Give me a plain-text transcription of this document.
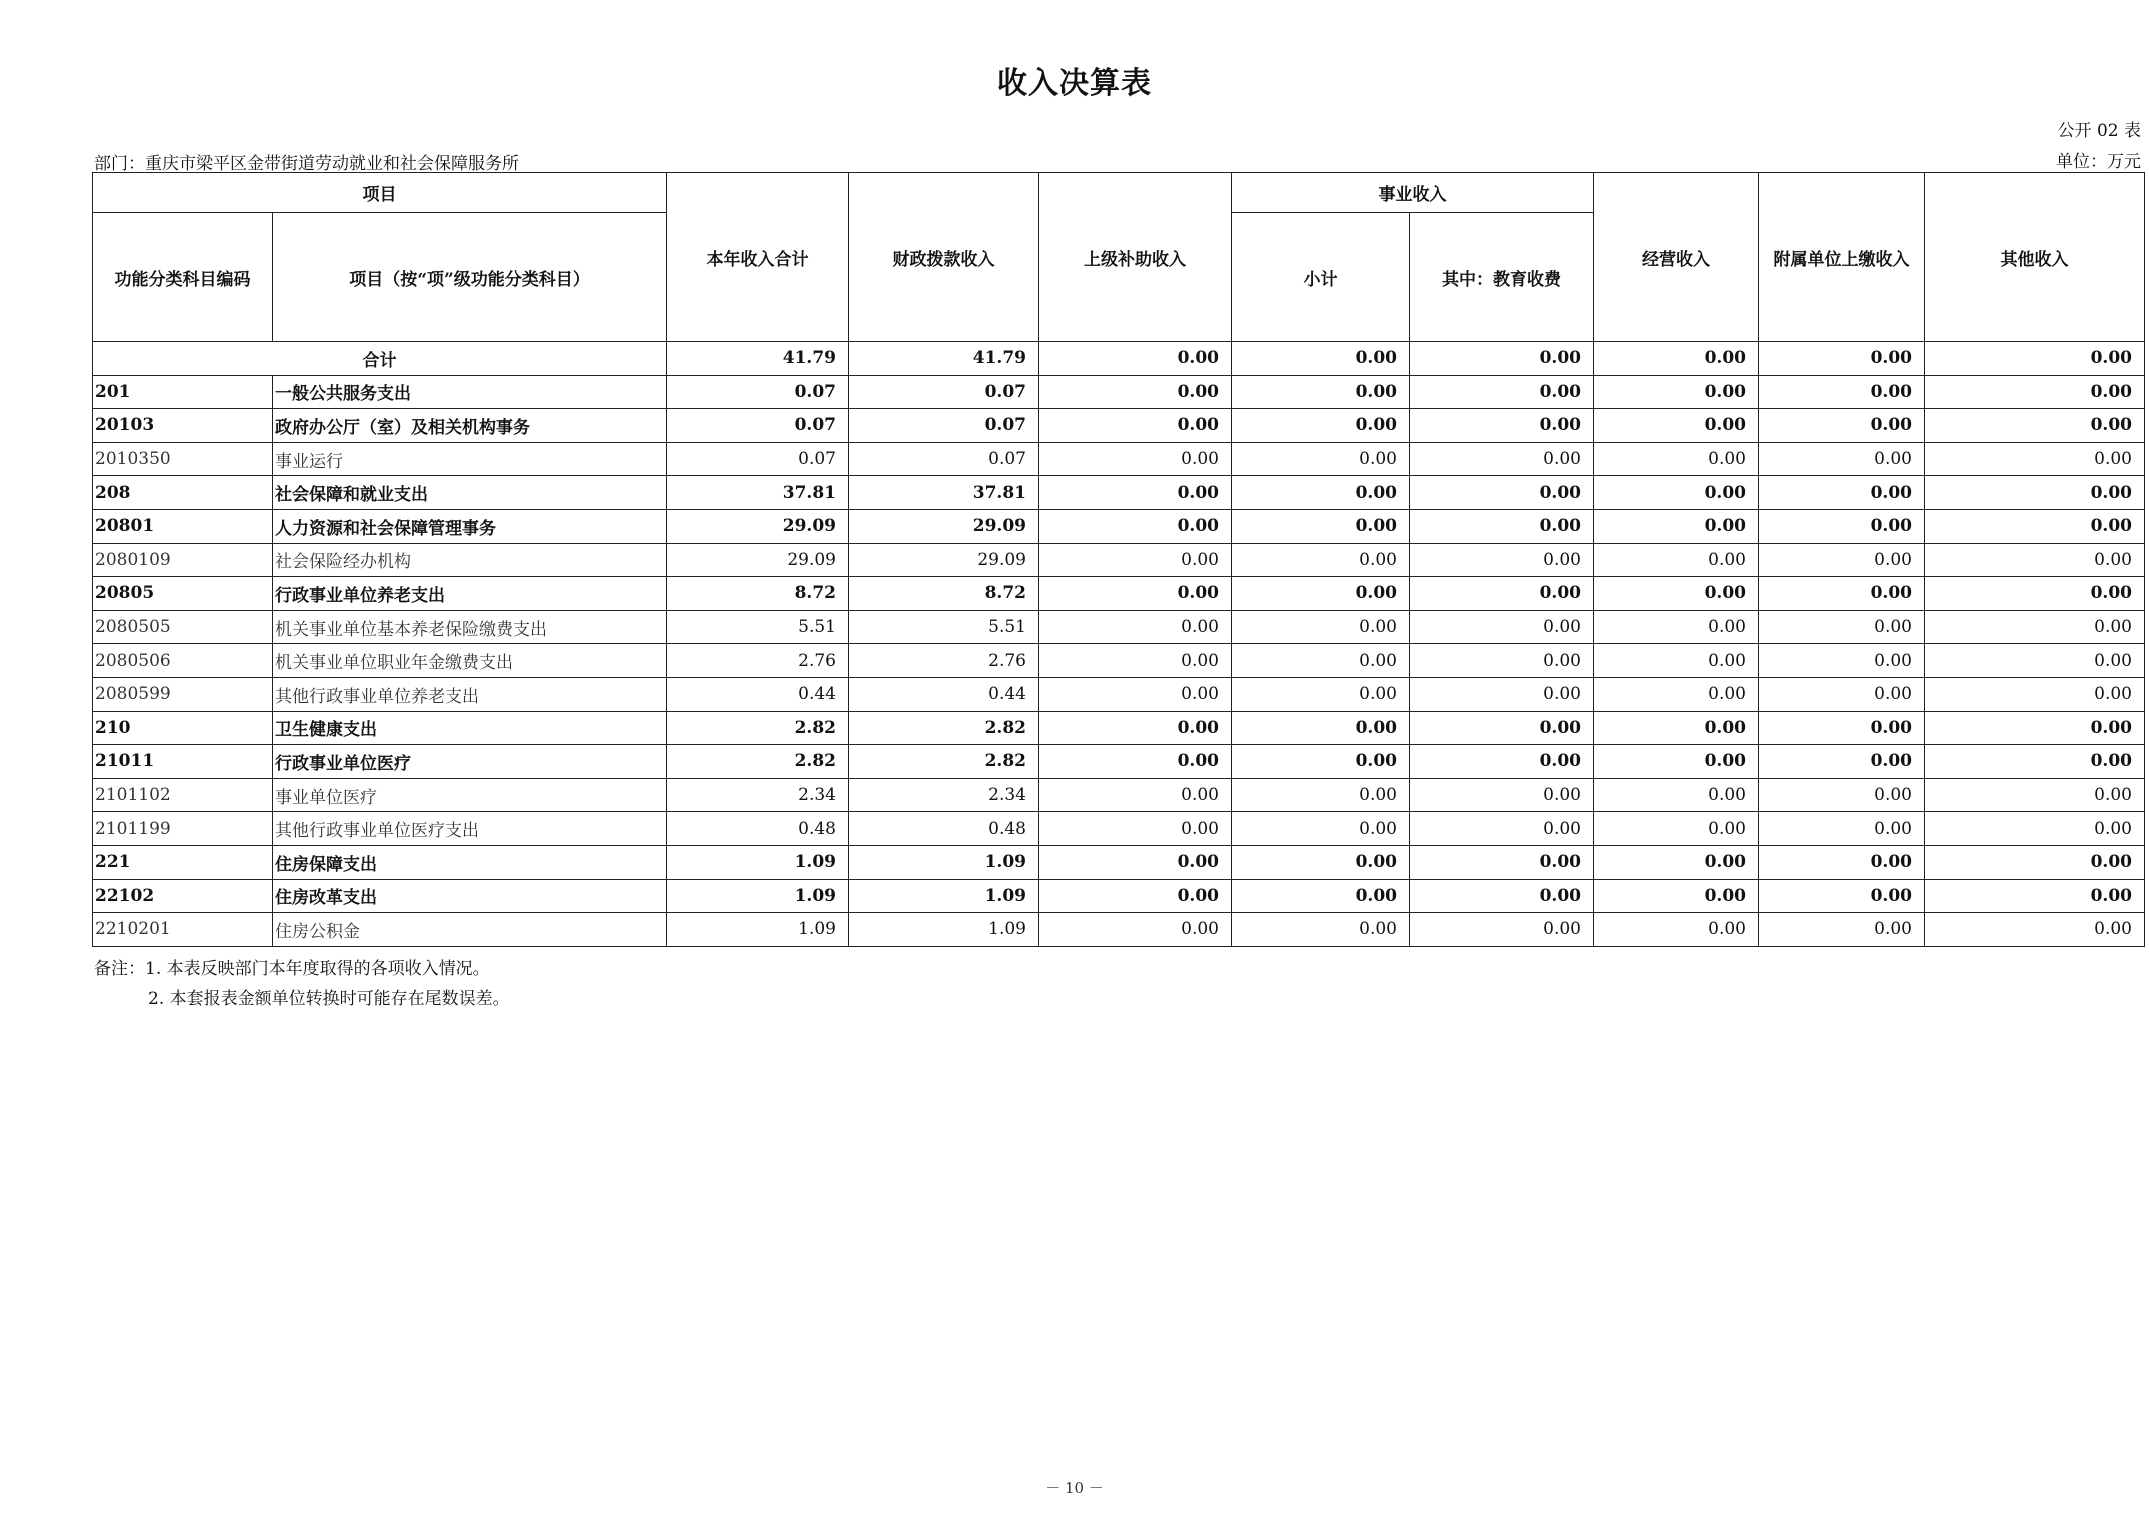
收入决算表
公开 02 表
部门：重庆市梁平区金带街道劳动就业和社会保障服务所	单位：万元
项目		本年收入合计	财政拨款收入	上级补助收入	事业收入		经营收入	附属单位上缴收入	其他收入
功能分类科目编码	项目（按“项”级功能分类科目）				小计	其中：教育收费			
合计		41.79	41.79	0.00	0.00	0.00	0.00	0.00	0.00
201	一般公共服务支出	0.07	0.07	0.00	0.00	0.00	0.00	0.00	0.00
20103	政府办公厅（室）及相关机构事务	0.07	0.07	0.00	0.00	0.00	0.00	0.00	0.00
2010350	事业运行	0.07	0.07	0.00	0.00	0.00	0.00	0.00	0.00
208	社会保障和就业支出	37.81	37.81	0.00	0.00	0.00	0.00	0.00	0.00
20801	人力资源和社会保障管理事务	29.09	29.09	0.00	0.00	0.00	0.00	0.00	0.00
2080109	社会保险经办机构	29.09	29.09	0.00	0.00	0.00	0.00	0.00	0.00
20805	行政事业单位养老支出	8.72	8.72	0.00	0.00	0.00	0.00	0.00	0.00
2080505	机关事业单位基本养老保险缴费支出	5.51	5.51	0.00	0.00	0.00	0.00	0.00	0.00
2080506	机关事业单位职业年金缴费支出	2.76	2.76	0.00	0.00	0.00	0.00	0.00	0.00
2080599	其他行政事业单位养老支出	0.44	0.44	0.00	0.00	0.00	0.00	0.00	0.00
210	卫生健康支出	2.82	2.82	0.00	0.00	0.00	0.00	0.00	0.00
21011	行政事业单位医疗	2.82	2.82	0.00	0.00	0.00	0.00	0.00	0.00
2101102	事业单位医疗	2.34	2.34	0.00	0.00	0.00	0.00	0.00	0.00
2101199	其他行政事业单位医疗支出	0.48	0.48	0.00	0.00	0.00	0.00	0.00	0.00
221	住房保障支出	1.09	1.09	0.00	0.00	0.00	0.00	0.00	0.00
22102	住房改革支出	1.09	1.09	0.00	0.00	0.00	0.00	0.00	0.00
2210201	住房公积金	1.09	1.09	0.00	0.00	0.00	0.00	0.00	0.00
备注：1. 本表反映部门本年度取得的各项收入情况。
2. 本套报表金额单位转换时可能存在尾数误差。
－ 10 －
